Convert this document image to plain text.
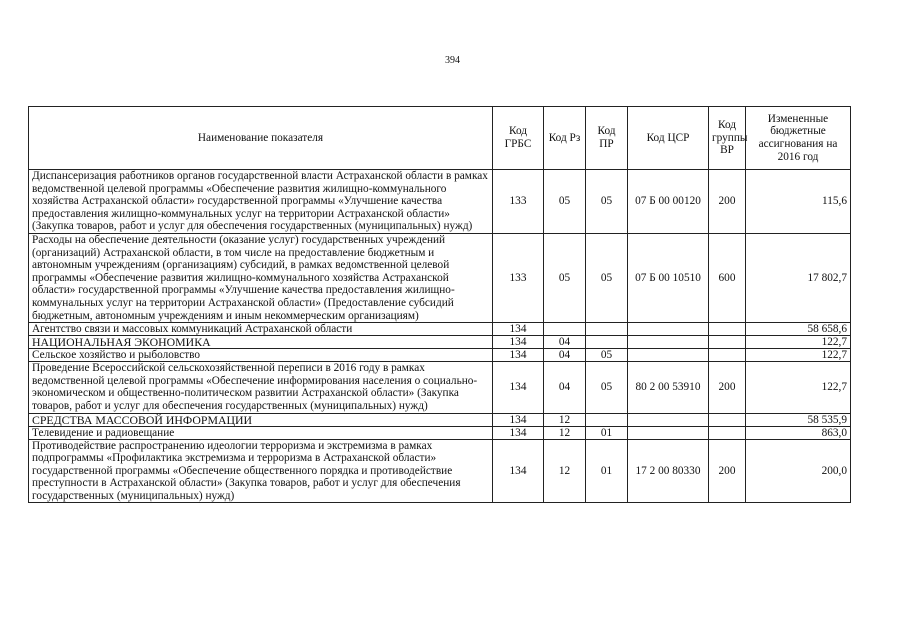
394
Наименование показателя	Код ГРБС	Код Рз	Код ПР	Код ЦСР	Код группы ВР	Измененные бюджетные ассигнования на 2016 год
Диспансеризация работников органов государственной власти Астраханской области в рамках ведомственной целевой программы «Обеспечение развития жилищно-коммунального хозяйства Астраханской области» государственной программы «Улучшение качества предоставления жилищно-коммунальных услуг на территории Астраханской области» (Закупка товаров, работ и услуг для обеспечения государственных (муниципальных) нужд)	133	05	05	07 Б 00 00120	200	115,6
Расходы на обеспечение деятельности (оказание услуг) государственных учреждений (организаций) Астраханской области, в том числе на предоставление бюджетным и автономным учреждениям (организациям) субсидий, в рамках ведомственной целевой программы «Обеспечение развития жилищно-коммунального хозяйства Астраханской области» государственной программы «Улучшение качества предоставления жилищно-коммунальных услуг на территории Астраханской области» (Предоставление субсидий бюджетным, автономным учреждениям и иным некоммерческим организациям)	133	05	05	07 Б 00 10510	600	17 802,7
Агентство связи и массовых коммуникаций Астраханской области	134					58 658,6
НАЦИОНАЛЬНАЯ ЭКОНОМИКА	134	04				122,7
Сельское хозяйство и рыболовство	134	04	05			122,7
Проведение Всероссийской сельскохозяйственной переписи в 2016 году в рамках ведомственной целевой программы «Обеспечение информирования населения о социально-экономическом и общественно-политическом развитии Астраханской области» (Закупка товаров, работ и услуг для обеспечения государственных (муниципальных) нужд)	134	04	05	80 2 00 53910	200	122,7
СРЕДСТВА МАССОВОЙ ИНФОРМАЦИИ	134	12				58 535,9
Телевидение и радиовещание	134	12	01			863,0
Противодействие распространению идеологии терроризма и экстремизма в рамках подпрограммы «Профилактика экстремизма и терроризма в Астраханской области» государственной программы «Обеспечение общественного порядка и противодействие преступности в Астраханской области» (Закупка товаров, работ и услуг для обеспечения государственных (муниципальных) нужд)	134	12	01	17 2 00 80330	200	200,0
